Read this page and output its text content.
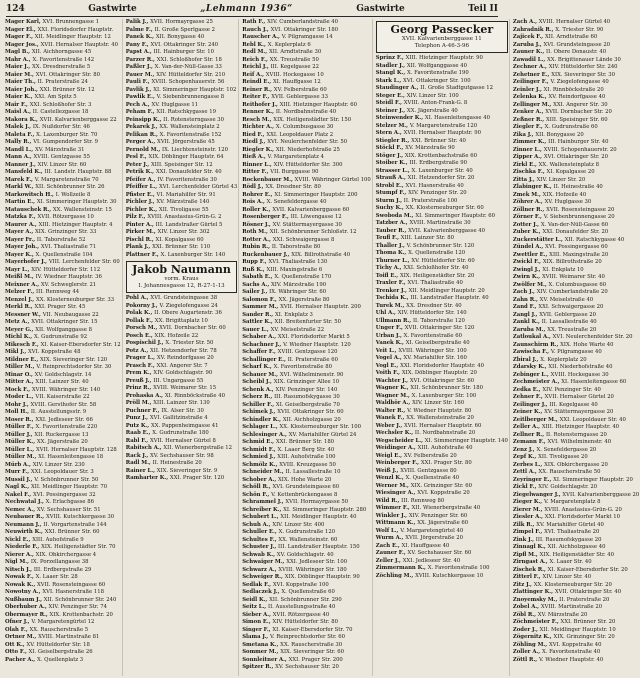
124	Gastwirte	„Lehmann 1936“	Gastwirte	Teil II
Mager Karl, XVI. Brunnengasse 1
Mager El., XXI. Floridsdorfer Hauptstr.
Mager F., XII. Meidlinger Hauptstr. 12
Mager Jos., XVII. Hernalser Hauptstr. 40
Magl B., XII. Aichhorngasse 45
Mahr A., X. Favoritenstraße 142
Maier J., XX. Dresdnerstraße 5
Maier M., XVI. Ottakringer Str. 80
Maier Th., II. Praterstraße 24
Maier Joh., XXI. Brünner Str. 12
Maier K., XXI. Am Spitz 5
Mair F., XXI. Schloßhofer Str. 3
Maisl A., II. Castellezgasse 18
Makora K., XVII. Kalvarienberggasse 22
Malek J., IX. Nußdorfer Str. 46
Maleta F., X. Laxenburger Str. 70
Mally R., VI. Gumpendorfer Str. 9
Mandl L., XV. Märzstraße 31
Mann A., XVIII. Gentzgasse 55
Manner J., XIV. Linzer Str. 60
Mansfeld K., III. Landstr. Hauptstr. 88
Marek F., V. Margaretenstraße 70
Markl W., XII. Schönbrunner Str. 26
Markowitsch H., I. Wollzeile 8
Martin E., XI. Simmeringer Hauptstr. 30
Matauschek R., XX. Wallensteinstr. 15
Matzka F., XVII. Rötzergasse 10
Maurer A., XIII. Hietzinger Hauptstr. 4
Mayer A., XIX. Grinzinger Str. 33
Mayer Fr., II. Taborstraße 52
Mayer Joh., XVI. Thaliastraße 71
Mayer K., X. Quellenstraße 104
Mayerhofer J., VIII. Lerchenfelder Str. 60
Mayr L., XIV. Hütteldorfer Str. 112
Meißl M., IV. Wiedner Hauptstr. 36
Meixner A., XV. Schweglerstr. 21
Melzer F., III. Rennweg 44
Menzel J., XX. Klosterneuburger Str. 33
Merkl R., XXI. Prager Str. 45
Messner W., VII. Neubaugasse 22
Metz A., XVII. Ottakringer Str. 15
Meyer G., XII. Wolfganggasse 8
Michl K., X. Gudrunstraße 92
Mikesch F., XI. Kaiser-Ebersdorfer Str. 12
Mikl J., XVI. Koppstraße 48
Mildner E., XIX. Sieveringer Str. 120
Miller M., V. Reinprechtsdorfer Str. 30
Minar O., XV. Goldschlagstr. 14
Mitter A., XIII. Lainzer Str. 40
Mock F., XVIII. Währinger Str. 140
Moder L., VII. Kaiserstraße 22
Mohr J., XVIII. Gersthofer Str. 58
Moll H., II. Ausstellungsstr. 9
Moser R., XXI. Jedleseer Str. 66
Müller F., X. Favoritenstraße 220
Müller J., XII. Ruckergasse 13
Müller K., XX. Jägerstraße 20
Müller L., XVII. Hernalser Hauptstr. 128
Müller M., XI. Hasenleitengasse 18
Mürb A., XIV. Linzer Str. 230
Murr F., XXI. Leopoldauer Str. 3
Mussil J., V. Schönbrunner Str. 50
Nagl K., XII. Meidlinger Hauptstr. 70
Nakel F., XVI. Possingergasse 32
Nechwatal J., X. Erlachgasse 86
Nemec A., XV. Sechshauser Str. 51
Neubauer R., XVIII. Kutschkergasse 30
Neumann J., II. Vorgartenstraße 144
Neuwirth K., XXI. Brünner Str. 60
Nickl E., XIII. Auhofstraße 9
Niederle F., XIX. Heiligenstädter Str. 70
Nierer A., XIX. Obkirchergasse 4
Nigl M., IX. Porzellangasse 38
Nitsch J., III. Erdbergstraße 29
Nowak F., X. Laaer Str. 28
Nowak K., XVII. Rosensteingasse 60
Nowotny A., XVI. Hasnerstraße 118
Nußbaum J., XII. Schönbrunner Str. 240
Oberhuber A., XIV. Penzinger Str. 74
Obermayer R., XIX. Krottenbachstr. 20
Ofner J., V. Margaretengürtel 12
Olah F., XX. Rauscherstraße 5
Ortner M., XVIII. Martinstraße 81
Ott K., XV. Hütteldorfer Str. 18
Otto F., XI. Geiselbergstraße 26
Pacher A., X. Quellenplatz 3
Palik J., XVII. Hormayrgasse 25
Palme F., II. Große Sperlgasse 2
Panek K., XII. Bonygasse 40
Pany F., XVI. Ottakringer Str. 240
Papst A., III. Hainburger Str. 10
Parzer R., XXI. Schloßhofer Str. 18
Paßler J., X. Van-der-Nüll-Gasse 33
Pauer M., XIV. Hütteldorfer Str. 210
Pauli F., XVIII. Schopenhauerstr. 56
Pavlik J., XI. Simmeringer Hauptstr. 102
Pawlik E., V. Siebenbrunnengasse 8
Pech A., XV. Huglgasse 11
Peham F., XII. Ratschkygasse 19
Peinsipp K., II. Rotensterngasse 30
Pekarek J., XX. Wallensteinplatz 2
Pelikan R., X. Favoritenstraße 152
Perger A., XVII. Jörgerstraße 45
Pernold M., IX. Liechtensteinstr. 120
Pesl F., XIX. Döblinger Hauptstr. 64
Peter J., XIII. Speisinger Str. 12
Petrik K., XXI. Donaufelder Str. 40
Pfeifer A., IV. Favoritenstraße 30
Pfeiffer L., XVI. Lerchenfelder Gürtel 43
Pfister E., VI. Mariahilfer Str. 91
Pichler J., XV. Märzstraße 140
Pichler K., XII. Tivoligasse 55
Pilz F., XVIII. Anastasius-Grün-G. 2
Pinter A., III. Landstraßer Gürtel 5
Pirker M., XIV. Linzer Str. 302
Pischl R., XI. Kopalgasse 60
Plank J., XXI. Brünner Str. 110
Plattner F., X. Laxenburger Str. 140
Jakob Naumann
vorm. Kraus
I. Johannesgasse 12, R-27-1-13
Pohl A., XVI. Grundsteingasse 38
Pokorny J., V. Ziegelofengasse 24
Polak K., II. Obere Augartenstr. 36
Pollak F., XX. Brigittaplatz 10
Porsch M., XVII. Dornbacher Str. 60
Posch E., XIX. Hofzeile 22
Pospischil J., X. Triester Str. 50
Potz A., XII. Hetzendorfer Str. 78
Prager L., XV. Reindorfgasse 20
Prasch F., XXI. Angerer Str. 7
Prem K., XIV. Goldschlagstr. 90
Preuß J., III. Ungargasse 55
Prinz R., XVIII. Weimarer Str. 15
Prohaska A., XI. Rinnböckstraße 40
Pröll M., XIII. Lainzer Str. 130
Puchner F., IX. Alser Str. 30
Punz J., XVI. Gallitzinstraße 4
Putz K., XX. Pappenheimgasse 41
Raab E., X. Gudrunstraße 180
Rabl F., XVII. Hernalser Gürtel 8
Rabitsch A., XII. Wienerbergstraße 12
Rack J., XV. Sechshauser Str. 98
Radl M., II. Heinestraße 20
Rainer L., XIX. Sieveringer Str. 9
Ramharter K., XXI. Prager Str. 120
Rath F., XIV. Cumberlandstraße 40
Rauch J., XVI. Ottakringer Str. 180
Rauscher A., V. Pilgramgasse 14
Rebl K., X. Keplerplatz 6
Redl M., XII. Arndtstraße 30
Reich F., XX. Treustraße 50
Reichl J., III. Kegelgasse 22
Reif A., XVIII. Hockegasse 10
Reindl E., XI. Hauffgasse 12
Reiner R., XV. Felberstraße 60
Reiter F., XVII. Geblergasse 33
Reithofer J., XIII. Hietzinger Hauptstr. 60
Renner K., II. Nordbahnstraße 40
Resch M., XIX. Heiligenstädter Str. 150
Richter A., X. Columbusgasse 30
Ried F., XXI. Leopoldauer Platz 2
Riedl J., XVI. Neulerchenfelder Str. 50
Riegler K., XII. Niederhofstraße 25
Rieß A., V. Margaretenplatz 4
Rinner L., XIV. Hütteldorfer Str. 300
Ritter F., VII. Burggasse 90
Rockenbauer M., XVIII. Währinger Gürtel 100
Rödl J., XX. Dresdner Str. 80
Rohrer E., XI. Simmeringer Hauptstr. 200
Rois A., X. Senefeldergasse 40
Roller K., XVII. Kalvarienberggasse 60
Rosenberger F., III. Löwengasse 12
Rösner J., XV. Stättermayergasse 30
Roth M., XII. Schönbrunner Schloßstr. 12
Rotter A., XXI. Schwaigergasse 8
Rubin R., II. Taborstraße 80
Ruckenbauer J., XIX. Billrothstraße 40
Rupp F., XVI. Thaliastraße 130
Ruß K., XIII. Maxingstraße 6
Sabath E., X. Quellenstraße 170
Sachs A., XIV. Märzstraße 190
Sailer J., IX. Währinger Str. 60
Salomon F., XX. Jägerstraße 80
Sammer M., XVII. Hernalser Hauptstr. 200
Sander R., XI. Enkplatz 3
Sattler K., XII. Breitenfurter Str. 50
Sauer L., XV. Meiselstraße 22
Schaber A., XXI. Floridsdorfer Markt 5
Schachner J., V. Wiedner Hauptstr. 120
Schaffer F., XVIII. Gentzgasse 120
Schallinger E., II. Praterstraße 60
Scharf K., X. Favoritenstraße 80
Schauer M., XVI. Wilhelminenstr. 90
Scheibl J., XIX. Grinzinger Allee 10
Schenk A., XIV. Penzinger Str. 140
Scherz R., III. Rasumofskygasse 30
Schiller F., XI. Geiselbergstraße 70
Schimek J., XVII. Ottakringer Str. 60
Schindler K., XII. Aichholzgasse 20
Schlager L., XX. Klosterneuburger Str. 100
Schlesinger A., XV. Mariahilfer Gürtel 24
Schmid E., XXI. Brünner Str. 180
Schmidt F., X. Laaer Berg Str. 40
Schmied J., XIII. Auhofstraße 100
Schmölz K., XVIII. Kreuzgasse 50
Schneider M., II. Lassallestraße 10
Schober A., XIX. Hohe Warte 20
Schöll R., XVI. Grundsteingasse 60
Schön F., V. Kettenbrückengasse 8
Schrammel J., XVII. Hormayrgasse 50
Schreiber K., XI. Simmeringer Hauptstr. 280
Schubert L., XII. Meidlinger Hauptstr. 40
Schuh A., XIV. Linzer Str. 400
Schuller E., X. Gudrunstraße 120
Schultes F., XX. Wallensteinstr. 60
Schuster J., III. Landstraßer Hauptstr. 150
Schwab K., XV. Goldschlagstr. 40
Schwaiger M., XXI. Jedleseer Str. 100
Schwarz A., XVIII. Währinger Str. 180
Schweiger R., XIX. Döblinger Hauptstr. 90
Sedlak F., XVI. Koppstraße 100
Sedlaczek J., X. Quellenstraße 60
Seidl K., XII. Schönbrunner Str. 290
Seitz L., II. Ausstellungsstraße 40
Sieber A., XVII. Rötzergasse 40
Simon E., XIV. Hütteldorfer Str. 80
Singer F., XI. Kaiser-Ebersdorfer Str. 70
Slama J., V. Reinprechtsdorfer Str. 60
Smetana K., XX. Rauscherstraße 30
Sommer M., XIX. Sieveringer Str. 60
Sonnleitner A., XXI. Prager Str. 200
Spitzer R., XV. Sechshauser Str. 20
Georg Passecker
XVII. Kalvarienberggasse 11
Telephon A-46-3-96
Sprinz F., XIII. Hietzinger Hauptstr. 90
Stadler J., XII. Wolfganggasse 40
Stangl K., X. Favoritenstraße 190
Stark L., XVI. Ottakringer Str. 100
Staudinger A., II. Große Stadtgutgasse 12
Steger E., XIV. Linzer Str. 100
Steidl F., XVIII. Anton-Frank-G. 8
Steiner J., XX. Jägerstraße 40
Steinwender K., XI. Hasenleitengasse 40
Stelzer M., V. Margaretenstraße 120
Stern A., XVII. Hernalser Hauptstr. 90
Stiegler R., XXI. Brünner Str. 40
Stöckl F., XV. Märzstraße 90
Stöger J., XIX. Krottenbachstraße 60
Stoiber K., III. Erdbergstraße 90
Strasser L., X. Laxenburger Str. 40
Strauß A., XII. Hetzendorfer Str. 20
Strobl E., XVI. Hasnerstraße 40
Stumpf F., XIV. Penzinger Str. 20
Sturm J., II. Praterstraße 100
Suchy K., XX. Klosterneuburger Str. 60
Swoboda M., XI. Simmeringer Hauptstr. 60
Tatzber A., XVIII. Martinstraße 30
Tauber R., XVII. Kalvarienberggasse 40
Teufl F., XIII. Lainzer Str. 80
Thaller J., V. Schönbrunner Str. 120
Thoma K., X. Quellenstraße 120
Thurner L., XV. Hütteldorfer Str. 60
Tichy A., XXI. Schloßhofer Str. 40
Toifl E., XIX. Heiligenstädter Str. 20
Traxler F., XVI. Thaliastraße 40
Trenker J., XII. Meidlinger Hauptstr. 20
Tschida K., III. Landstraßer Hauptstr. 40
Turek M., XX. Dresdner Str. 40
Uhl A., XIV. Hütteldorfer Str. 140
Ullmann R., II. Taborstraße 120
Unger F., XVII. Ottakringer Str. 120
Urban J., X. Favoritenstraße 60
Vanek K., XI. Geiselbergstraße 40
Veit L., XVIII. Währinger Str. 100
Vogel A., XV. Mariahilfer Str. 160
Vogl E., XXI. Floridsdorfer Hauptstr. 40
Voith F., XIX. Döblinger Hauptstr. 20
Wachter J., XVI. Ottakringer Str. 60
Wagner K., XII. Schönbrunner Str. 180
Wagner M., X. Laxenburger Str. 100
Waldhör A., XIV. Linzer Str. 160
Walter R., V. Wiedner Hauptstr. 80
Wanek F., XX. Wallensteinstraße 20
Weber J., XVII. Hernalser Hauptstr. 60
Wechsler K., II. Nordbahnstraße 20
Wegscheider L., XI. Simmeringer Hauptstr. 140
Weidinger A., XIII. Auhofstraße 40
Weigl E., XV. Felberstraße 20
Weinberger F., XXI. Prager Str. 80
Weiß J., XVIII. Gentzgasse 80
Wenzl K., X. Quellenstraße 40
Werner M., XIX. Grinzinger Str. 60
Wiesinger A., XVI. Koppstraße 20
Wild R., III. Rennweg 80
Wimmer F., XII. Wienerbergstraße 40
Winkler J., XIV. Penzinger Str. 60
Wittmann K., XX. Jägerstraße 60
Wolf L., V. Margaretengürtel 40
Wurm A., XVII. Jörgerstraße 20
Zach E., XI. Hauffgasse 40
Zauner F., XV. Sechshauser Str. 60
Zeller J., XXI. Jedleseer Str. 40
Zimmermann K., X. Favoritenstraße 100
Zöchling M., XVIII. Kutschkergasse 10
Zach A., XVIII. Hernalser Gürtel 40
Zahradnik R., X. Triester Str. 90
Zajicek F., XII. Arndtstraße 60
Zaruba J., XVI. Grundsteingasse 20
Zauner K., II. Obere Donaustr. 40
Zawadil L., XX. Brigittenauer Lände 30
Zechner A., XIV. Hütteldorfer Str. 240
Zehetner E., XIX. Sieveringer Str. 30
Zeilinger F., V. Ziegelofengasse 40
Zeinler J., XI. Rinnböckstraße 20
Zelenka K., XV. Reindorfgasse 40
Zellinger M., XXI. Angerer Str. 30
Zenker A., XVII. Dornbacher Str. 20
Zeßner R., XIII. Speisinger Str. 60
Ziegler F., X. Gudrunstraße 60
Zika J., XII. Bonygasse 20
Zimmer K., III. Hainburger Str. 40
Zinner L., XVIII. Schopenhauerstr. 20
Zipper A., XVI. Ottakringer Str. 20
Zirkl E., XX. Wallensteinplatz 8
Zischka F., XI. Kopalgasse 20
Zitta J., XIV. Linzer Str. 20
Zlabinger K., II. Heinestraße 40
Zmek M., XIX. Hofzeile 40
Zöhrer A., XV. Huglgasse 30
Zöllner R., XVII. Rosensteingasse 20
Zörner F., V. Siebenbrunnengasse 20
Zotter J., X. Van-der-Nüll-Gasse 60
Zuber K., XXI. Donaufelder Str. 20
Zuckerstätter L., XII. Ratschkygasse 40
Zündel A., XVI. Possingergasse 60
Zwettler E., XIII. Maxingstraße 20
Zwickl F., XIX. Billrothstraße 20
Zwingl J., XI. Enkplatz 10
Zwirn K., XVIII. Weimarer Str. 40
Zwölfer M., X. Columbusgasse 60
Zach J., XIV. Cumberlandstraße 20
Zahn R., XV. Meiselstraße 40
Zand F., XXI. Schwaigergasse 20
Zangl J., XVII. Geblergasse 20
Zankl K., II. Lassallestraße 40
Zaruba M., XX. Treustraße 20
Zatloukal A., XVI. Neulerchenfelder Str. 20
Zaunschirm R., XIX. Hohe Warte 40
Zawischa F., V. Pilgramgasse 40
Zbiral J., X. Keplerplatz 20
Zdarsky K., XII. Niederhofstraße 40
Zebinger L., XVIII. Hockegasse 30
Zechmeister A., XI. Hasenleitengasse 60
Zedka E., XIV. Penzinger Str. 40
Zehner F., XVII. Hernalser Gürtel 20
Zeilinger J., III. Kegelgasse 40
Zeiner K., XV. Stättermayergasse 20
Zeitlberger M., XXI. Leopoldauer Str. 40
Zeller A., XIII. Hietzinger Hauptstr. 40
Zellner R., II. Rotensterngasse 20
Zemann F., XVI. Wilhelminenstr. 40
Zenz J., X. Senefeldergasse 20
Zepf K., XII. Tivoligasse 20
Zerbes L., XIX. Obkirchergasse 20
Zettl A., XX. Rauscherstraße 50
Zeyringer E., XI. Simmeringer Hauptstr. 20
Zickl F., XIV. Goldschlagstr. 20
Ziegelwanger J., XVII. Kalvarienberggasse 20
Zieger K., V. Margaretenplatz 8
Zierer M., XVIII. Anastasius-Grün-G. 20
Ziesler A., XXI. Floridsdorfer Markt 10
Zilk R., XV. Mariahilfer Gürtel 40
Zimpel F., XVI. Thaliastraße 20
Zink J., III. Rasumofskygasse 20
Zinnagl K., XII. Aichholzgasse 40
Zipfl M., XIX. Heiligenstädter Str. 40
Zirngast A., X. Laaer Str. 40
Zischek R., XI. Kaiser-Ebersdorfer Str. 20
Zitterl F., XIV. Linzer Str. 40
Zitz J., XX. Klosterneuburger Str. 20
Zlattinger K., XVII. Ottakringer Str. 40
Znoyemsky M., II. Praterstraße 20
Zobel A., XVIII. Martinstraße 20
Zöbl R., XV. Märzstraße 20
Zöchmeister F., XXI. Brünner Str. 20
Zoder J., XII. Meidlinger Hauptstr. 10
Zögernitz K., XIX. Grinzinger Str. 20
Zöhling M., XVI. Koppstraße 40
Zoller A., X. Favoritenstraße 40
Zöttl R., V. Wiedner Hauptstr. 40
